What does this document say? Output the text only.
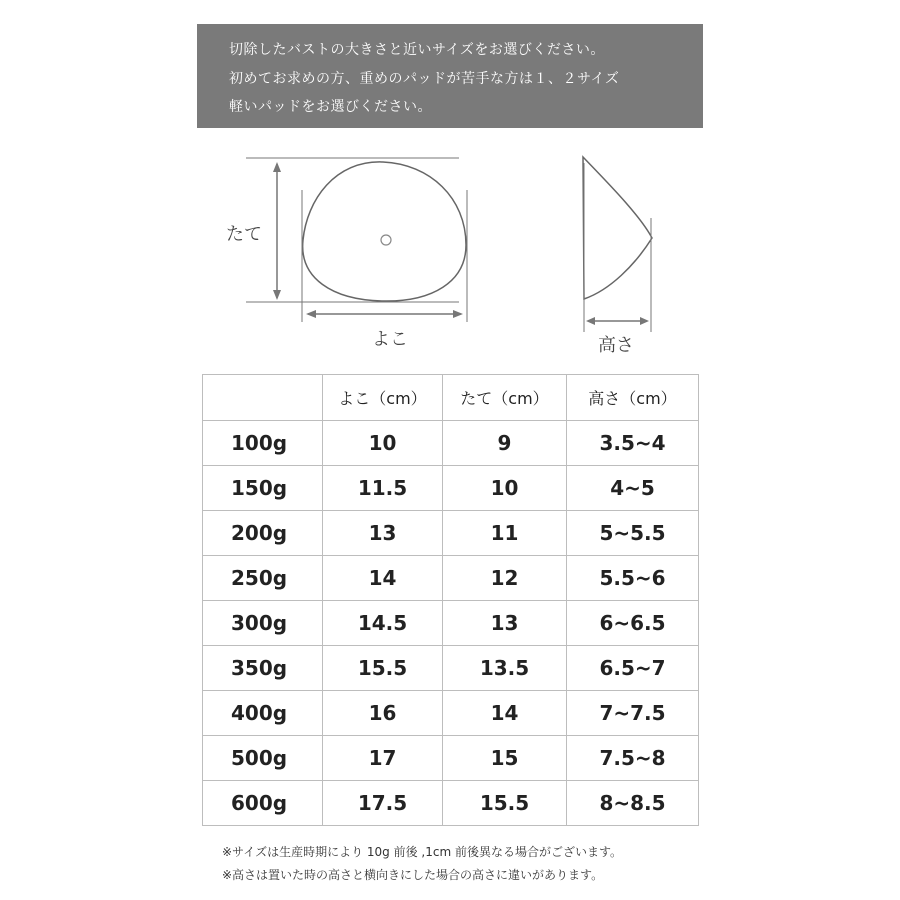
切除したバストの大きさと近いサイズをお選びください。
初めてお求めの方、重めのパッドが苦手な方は１、２サイズ
軽いパッドをお選びください。
たて
よこ	高さ
	よこ（cm）	たて（cm）	高さ（cm）
100g	10	9	3.5~4
150g	11.5	10	4~5
200g	13	11	5~5.5
250g	14	12	5.5~6
300g	14.5	13	6~6.5
350g	15.5	13.5	6.5~7
400g	16	14	7~7.5
500g	17	15	7.5~8
600g	17.5	15.5	8~8.5
※サイズは生産時期により 10g 前後 ,1cm 前後異なる場合がございます。
※高さは置いた時の高さと横向きにした場合の高さに違いがあります。
